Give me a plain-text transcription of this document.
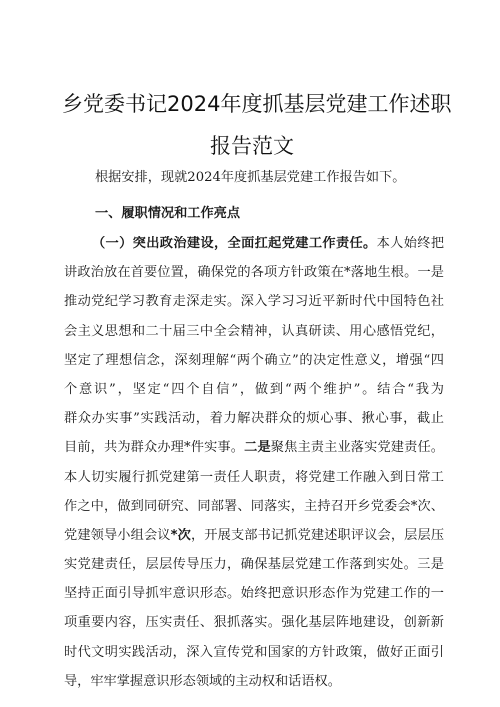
乡党委书记2024年度抓基层党建工作述职
报告范文
根据安排，现就2024年度抓基层党建工作报告如下。
一、履职情况和工作亮点
（一）突出政治建设，全面扛起党建工作责任。本人始终把
讲政治放在首要位置，确保党的各项方针政策在*落地生根。一是
推动党纪学习教育走深走实。深入学习习近平新时代中国特色社
会主义思想和二十届三中全会精神，认真研读、用心感悟党纪，
坚定了理想信念，深刻理解“两个确立”的决定性意义，增强“四
个意识”，坚定“四个自信”，做到“两个维护”。结合“我为
群众办实事”实践活动，着力解决群众的烦心事、揪心事，截止
目前，共为群众办理*件实事。二是聚焦主责主业落实党建责任。
本人切实履行抓党建第一责任人职责，将党建工作融入到日常工
作之中，做到同研究、同部署、同落实，主持召开乡党委会*次、
党建领导小组会议*次，开展支部书记抓党建述职评议会，层层压
实党建责任，层层传导压力，确保基层党建工作落到实处。三是
坚持正面引导抓牢意识形态。始终把意识形态作为党建工作的一
项重要内容，压实责任、狠抓落实。强化基层阵地建设，创新新
时代文明实践活动，深入宣传党和国家的方针政策，做好正面引
导，牢牢掌握意识形态领域的主动权和话语权。
